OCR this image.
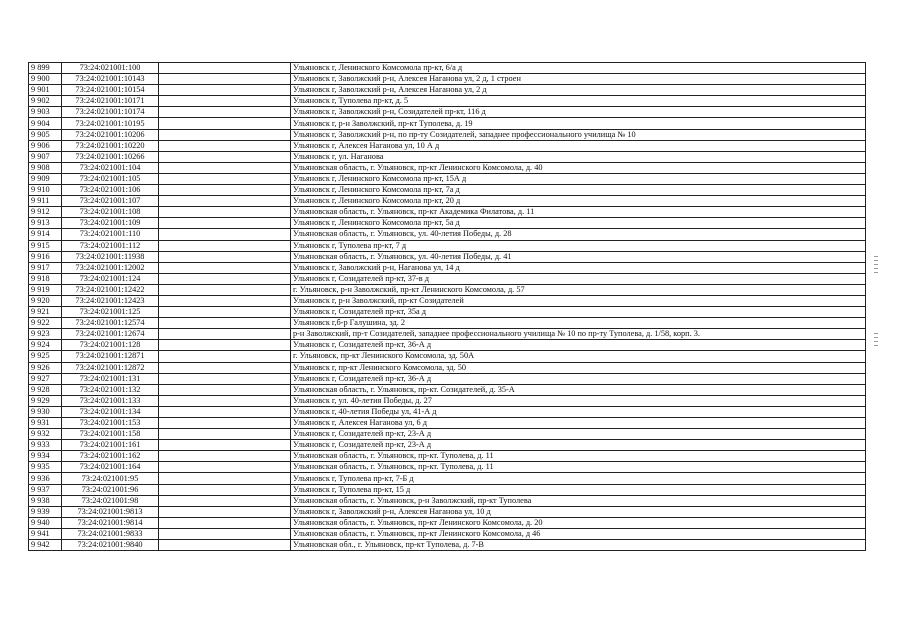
9 899	73:24:021001:100		Ульяновск г, Ленинского Комсомола пр-кт, 6/а д
9 900	73:24:021001:10143		Ульяновск г, Заволжский р-н, Алексея Наганова ул, 2 д, 1 строен
9 901	73:24:021001:10154		Ульяновск г, Заволжский р-н, Алексея Наганова ул, 2 д
9 902	73:24:021001:10171		Ульяновск г, Туполева пр-кт, д. 5
9 903	73:24:021001:10174		Ульяновск г, Заволжский р-н, Созидателей пр-кт, 116 д
9 904	73:24:021001:10195		Ульяновск г, р-н Заволжский, пр-кт Туполева, д. 19
9 905	73:24:021001:10206		Ульяновск г, Заволжский р-н, по пр-ту Созидателей, западнее профессионального училища № 10
9 906	73:24:021001:10220		Ульяновск г, Алексея Наганова ул, 10 А д
9 907	73:24:021001:10266		Ульяновск г, ул. Наганова
9 908	73:24:021001:104		Ульяновская область, г. Ульяновск, пр-кт Ленинского Комсомола, д. 40
9 909	73:24:021001:105		Ульяновск г, Ленинского Комсомола пр-кт, 15А д
9 910	73:24:021001:106		Ульяновск г, Ленинского Комсомола пр-кт, 7а д
9 911	73:24:021001:107		Ульяновск г, Ленинского Комсомола пр-кт, 20 д
9 912	73:24:021001:108		Ульяновская область, г. Ульяновск, пр-кт Академика Филатова, д. 11
9 913	73:24:021001:109		Ульяновск г, Ленинского Комсомола пр-кт, 5а д
9 914	73:24:021001:110		Ульяновская область, г. Ульяновск, ул. 40-летия Победы, д. 28
9 915	73:24:021001:112		Ульяновск г, Туполева пр-кт, 7 д
9 916	73:24:021001:11938		Ульяновская область, г. Ульяновск, ул. 40-летия Победы, д. 41
9 917	73:24:021001:12002		Ульяновск г, Заволжский р-н, Наганова ул, 14 д
9 918	73:24:021001:124		Ульяновск г, Созидателей пр-кт, 37-в д
9 919	73:24:021001:12422		г. Ульяновск, р-н Заволжский, пр-кт Ленинского Комсомола, д. 57
9 920	73:24:021001:12423		Ульяновск г, р-н Заволжский, пр-кт Созидателей
9 921	73:24:021001:125		Ульяновск г, Созидателей пр-кт, 35а д
9 922	73:24:021001:12574		Ульяновск г,б-р Галушина, зд. 2
9 923	73:24:021001:12674		р-н Заволжский, пр-т Созидателей, западнее профессионального училища № 10 по пр-ту Туполева, д. 1/58, корп. 3.
9 924	73:24:021001:128		Ульяновск г, Созидателей пр-кт, 36-А д
9 925	73:24:021001:12871		г. Ульяновск, пр-кт Ленинского Комсомола, зд. 50А
9 926	73:24:021001:12872		Ульяновск г, пр-кт Ленинского Комсомола, зд. 50
9 927	73:24:021001:131		Ульяновск г, Созидателей пр-кт, 36-А д
9 928	73:24:021001:132		Ульяновская область, г. Ульяновск, пр-кт. Созидателей, д. 35-А
9 929	73:24:021001:133		Ульяновск г, ул. 40-летия Победы, д. 27
9 930	73:24:021001:134		Ульяновск г, 40-летия Победы ул, 41-А д
9 931	73:24:021001:153		Ульяновск г, Алексея Наганова ул, 6 д
9 932	73:24:021001:158		Ульяновск г, Созидателей пр-кт, 23-А д
9 933	73:24:021001:161		Ульяновск г, Созидателей пр-кт, 23-А д
9 934	73:24:021001:162		Ульяновская область, г. Ульяновск, пр-кт. Туполева, д. 11
9 935	73:24:021001:164		Ульяновская область, г. Ульяновск, пр-кт. Туполева, д. 11
9 936	73:24:021001:95		Ульяновск г, Туполева пр-кт, 7-Б д
9 937	73:24:021001:96		Ульяновск г, Туполева пр-кт, 15 д
9 938	73:24:021001:98		Ульяновская область, г. Ульяновск, р-н Заволжский, пр-кт Туполева
9 939	73:24:021001:9813		Ульяновск г, Заволжский р-н, Алексея Наганова ул, 10 д
9 940	73:24:021001:9814		Ульяновская область, г. Ульяновск, пр-кт Ленинского Комсомола, д. 20
9 941	73:24:021001:9833		Ульяновская область, г. Ульяновск, пр-кт Ленинского Комсомола, д 46
9 942	73:24:021001:9840		Ульяновская обл., г. Ульяновск, пр-кт Туполева, д. 7-В
